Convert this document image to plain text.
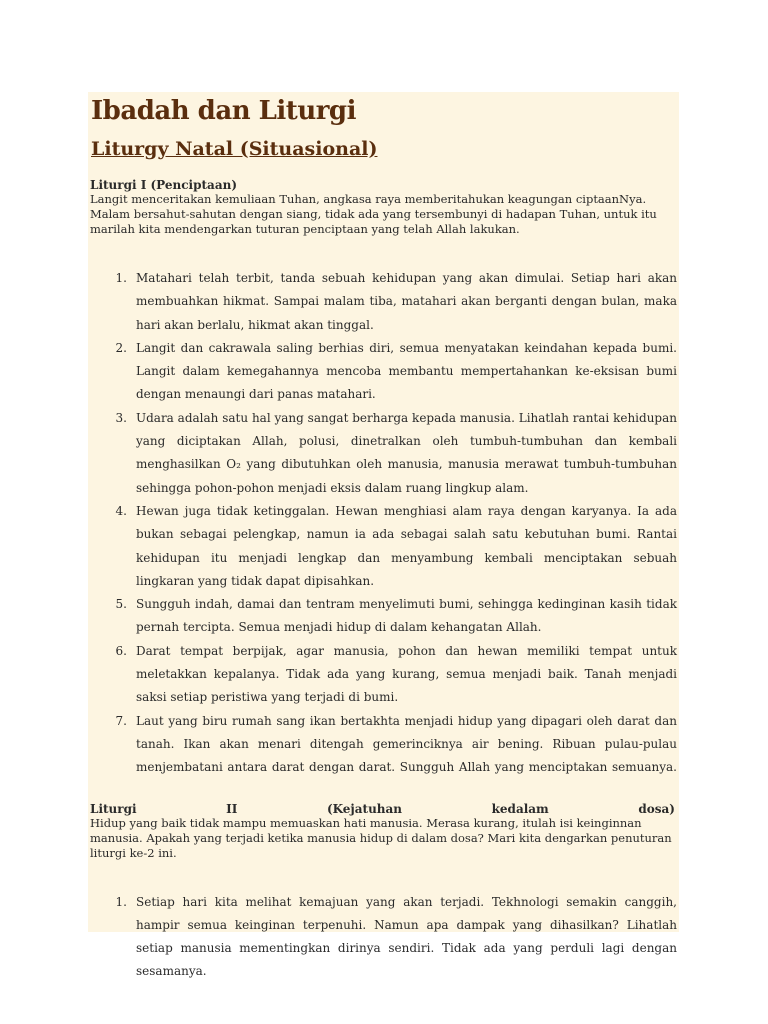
Ibadah dan Liturgi
Liturgy Natal (Situasional)
Liturgi I (Penciptaan)

Langit menceritakan kemuliaan Tuhan, angkasa raya memberitahukan keagungan ciptaanNya. Malam bersahut-sahutan dengan siang, tidak ada yang tersembunyi di hadapan Tuhan, untuk itu marilah kita mendengarkan tuturan penciptaan yang telah Allah lakukan.

1. Matahari telah terbit, tanda sebuah kehidupan yang akan dimulai. Setiap hari akan membuahkan hikmat. Sampai malam tiba, matahari akan berganti dengan bulan, maka hari akan berlalu, hikmat akan tinggal.
2. Langit dan cakrawala saling berhias diri, semua menyatakan keindahan kepada bumi. Langit dalam kemegahannya mencoba membantu mempertahankan ke-eksisan bumi dengan menaungi dari panas matahari.
3. Udara adalah satu hal yang sangat berharga kepada manusia. Lihatlah rantai kehidupan yang diciptakan Allah, polusi, dinetralkan oleh tumbuh-tumbuhan dan kembali menghasilkan O₂ yang dibutuhkan oleh manusia, manusia merawat tumbuh-tumbuhan sehingga pohon-pohon menjadi eksis dalam ruang lingkup alam.
4. Hewan juga tidak ketinggalan. Hewan menghiasi alam raya dengan karyanya. Ia ada bukan sebagai pelengkap, namun ia ada sebagai salah satu kebutuhan bumi. Rantai kehidupan itu menjadi lengkap dan menyambung kembali menciptakan sebuah lingkaran yang tidak dapat dipisahkan.
5. Sungguh indah, damai dan tentram menyelimuti bumi, sehingga kedinginan kasih tidak pernah tercipta. Semua menjadi hidup di dalam kehangatan Allah.
6. Darat tempat berpijak, agar manusia, pohon dan hewan memiliki tempat untuk meletakkan kepalanya. Tidak ada yang kurang, semua menjadi baik. Tanah menjadi saksi setiap peristiwa yang terjadi di bumi.
7. Laut yang biru rumah sang ikan bertakhta menjadi hidup yang dipagari oleh darat dan tanah. Ikan akan menari ditengah gemerinciknya air bening. Ribuan pulau-pulau menjembatani antara darat dengan darat. Sungguh Allah yang menciptakan semuanya.
Liturgi	II	(Kejatuhan	kedalam	dosa)

Hidup yang baik tidak mampu memuaskan hati manusia. Merasa kurang, itulah isi keinginnan manusia. Apakah yang terjadi ketika manusia hidup di dalam dosa? Mari kita dengarkan penuturan liturgi ke-2 ini.

1. Setiap hari kita melihat kemajuan yang akan terjadi. Tekhnologi semakin canggih, hampir semua keinginan terpenuhi. Namun apa dampak yang dihasilkan? Lihatlah setiap manusia mementingkan dirinya sendiri. Tidak ada yang perduli lagi dengan sesamanya.
